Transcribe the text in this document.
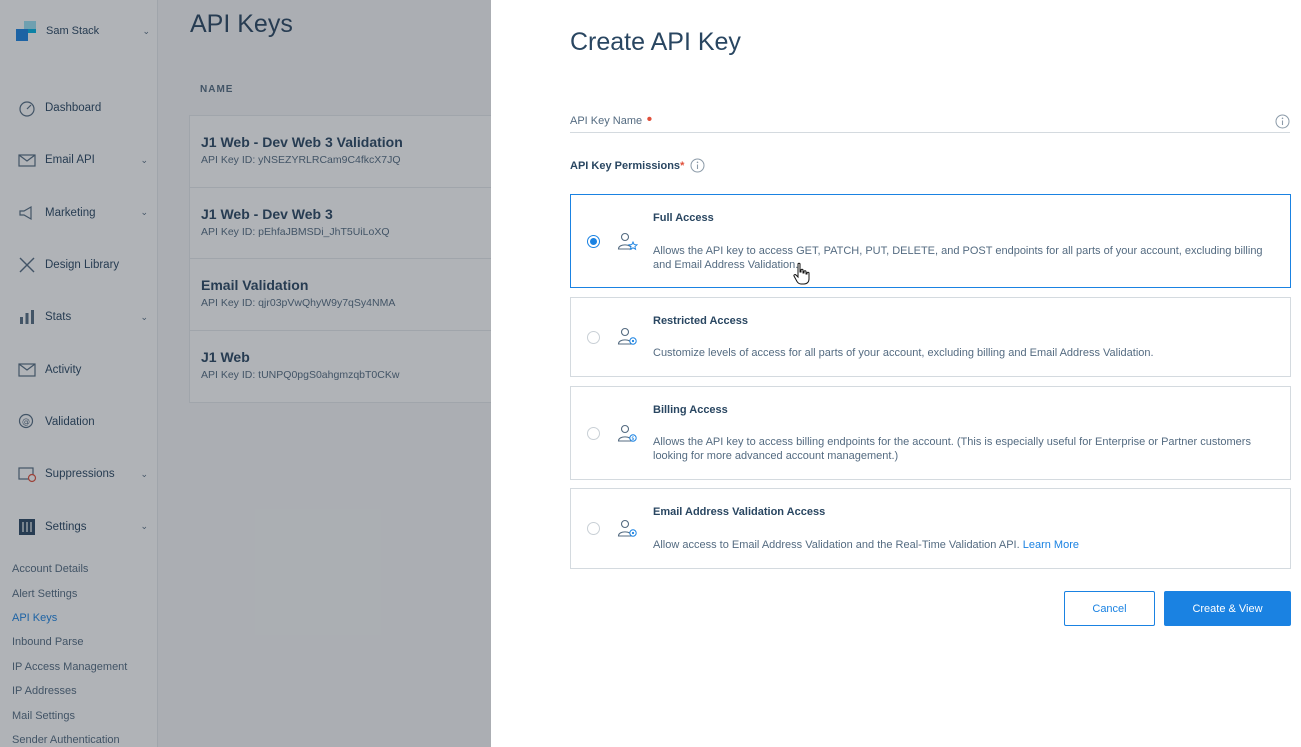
Sam Stack	⌄
Dashboard
Email API	⌄
Marketing	⌄
Design Library
Stats	⌄
Activity
@ Validation
Suppressions	⌄
Settings	⌄
Account Details
Alert Settings
API Keys
Inbound Parse
IP Access Management
IP Addresses
Mail Settings
Sender Authentication
API Keys
NAME
J1 Web - Dev Web 3 Validation
API Key ID: yNSEZYRLRCam9C4fkcX7JQ
J1 Web - Dev Web 3
API Key ID: pEhfaJBMSDi_JhT5UiLoXQ
Email Validation
API Key ID: qjr03pVwQhyW9y7qSy4NMA
J1 Web
API Key ID: tUNPQ0pgS0ahgmzqbT0CKw
Create API Key
API Key Name •
API Key Permissions *
Full Access
Allows the API key to access GET, PATCH, PUT, DELETE, and POST endpoints for all parts of your account, excluding billing and Email Address Validation.
Restricted Access
Customize levels of access for all parts of your account, excluding billing and Email Address Validation.
$
Billing Access
Allows the API key to access billing endpoints for the account. (This is especially useful for Enterprise or Partner customers looking for more advanced account management.)
Email Address Validation Access
Allow access to Email Address Validation and the Real-Time Validation API. Learn More
Cancel	Create & View
